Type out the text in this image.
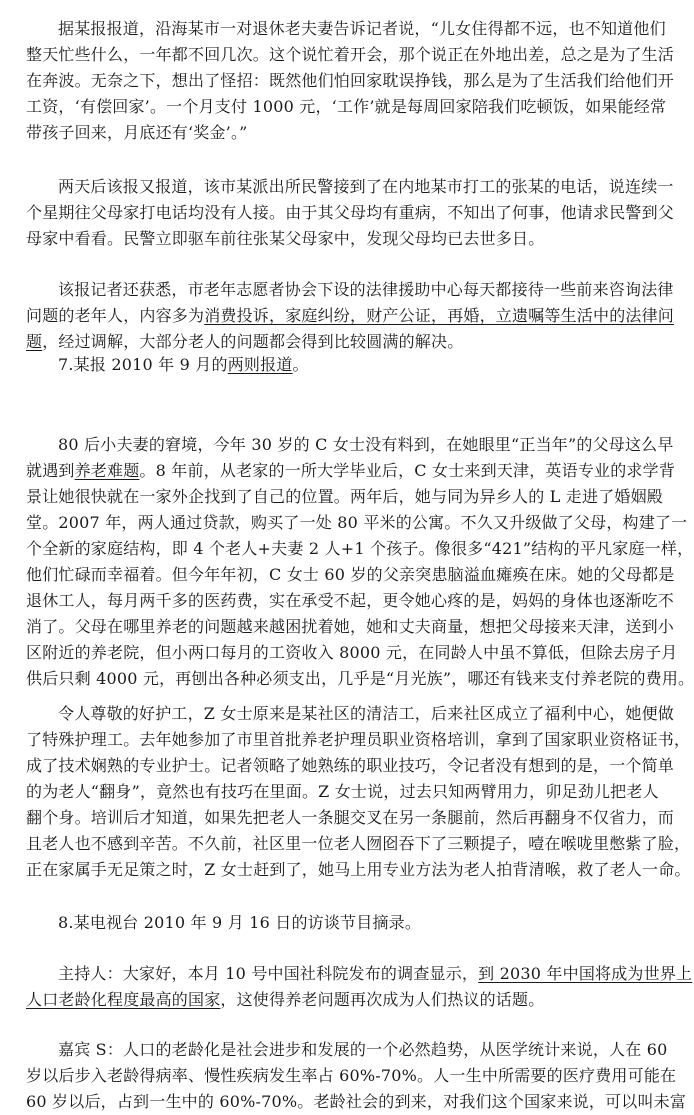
据某报报道，沿海某市一对退休老夫妻告诉记者说，“儿女住得都不远，也不知道他们
整天忙些什么，一年都不回几次。这个说忙着开会，那个说正在外地出差，总之是为了生活
在奔波。无奈之下，想出了怪招：既然他们怕回家耽误挣钱，那么是为了生活我们给他们开
工资，‘有偿回家’。一个月支付 1000 元，‘工作’就是每周回家陪我们吃顿饭，如果能经常
带孩子回来，月底还有‘奖金’。”
两天后该报又报道，该市某派出所民警接到了在内地某市打工的张某的电话，说连续一
个星期往父母家打电话均没有人接。由于其父母均有重病，不知出了何事，他请求民警到父
母家中看看。民警立即驱车前往张某父母家中，发现父母均已去世多日。
该报记者还获悉，市老年志愿者协会下设的法律援助中心每天都接待一些前来咨询法律
问题的老年人，内容多为消费投诉，家庭纠纷，财产公证，再婚，立遗嘱等生活中的法律问
题，经过调解，大部分老人的问题都会得到比较圆满的解决。
7.某报 2010 年 9 月的两则报道。
80 后小夫妻的窘境，今年 30 岁的 C 女士没有料到，在她眼里“正当年”的父母这么早
就遇到养老难题。8 年前，从老家的一所大学毕业后，C 女士来到天津，英语专业的求学背
景让她很快就在一家外企找到了自己的位置。两年后，她与同为异乡人的 L 走进了婚姻殿
堂。2007 年，两人通过贷款，购买了一处 80 平米的公寓。不久又升级做了父母，构建了一
个全新的家庭结构，即 4 个老人+夫妻 2 人+1 个孩子。像很多“421”结构的平凡家庭一样，
他们忙碌而幸福着。但今年年初，C 女士 60 岁的父亲突患脑溢血瘫痪在床。她的父母都是
退休工人，每月两千多的医药费，实在承受不起，更令她心疼的是，妈妈的身体也逐渐吃不
消了。父母在哪里养老的问题越来越困扰着她，她和丈夫商量，想把父母接来天津，送到小
区附近的养老院，但小两口每月的工资收入 8000 元，在同龄人中虽不算低，但除去房子月
供后只剩 4000 元，再刨出各种必须支出，几乎是“月光族”，哪还有钱来支付养老院的费用。
令人尊敬的好护工，Z 女士原来是某社区的清洁工，后来社区成立了福利中心，她便做
了特殊护理工。去年她参加了市里首批养老护理员职业资格培训，拿到了国家职业资格证书，
成了技术娴熟的专业护士。记者领略了她熟练的职业技巧，令记者没有想到的是，一个简单
的为老人“翻身”，竟然也有技巧在里面。Z 女士说，过去只知两臂用力，卯足劲儿把老人
翻个身。培训后才知道，如果先把老人一条腿交叉在另一条腿前，然后再翻身不仅省力，而
且老人也不感到辛苦。不久前，社区里一位老人囫囵吞下了三颗提子，噎在喉咙里憋紫了脸，
正在家属手无足策之时，Z 女士赶到了，她马上用专业方法为老人拍背清喉，救了老人一命。
8.某电视台 2010 年 9 月 16 日的访谈节目摘录。
主持人：大家好，本月 10 号中国社科院发布的调查显示，到 2030 年中国将成为世界上
人口老龄化程度最高的国家，这使得养老问题再次成为人们热议的话题。
嘉宾 S：人口的老龄化是社会进步和发展的一个必然趋势，从医学统计来说，人在 60
岁以后步入老龄得病率、慢性疾病发生率占 60%-70%。人一生中所需要的医疗费用可能在
60 岁以后，占到一生中的 60%-70%。老龄社会的到来，对我们这个国家来说，可以叫未富
